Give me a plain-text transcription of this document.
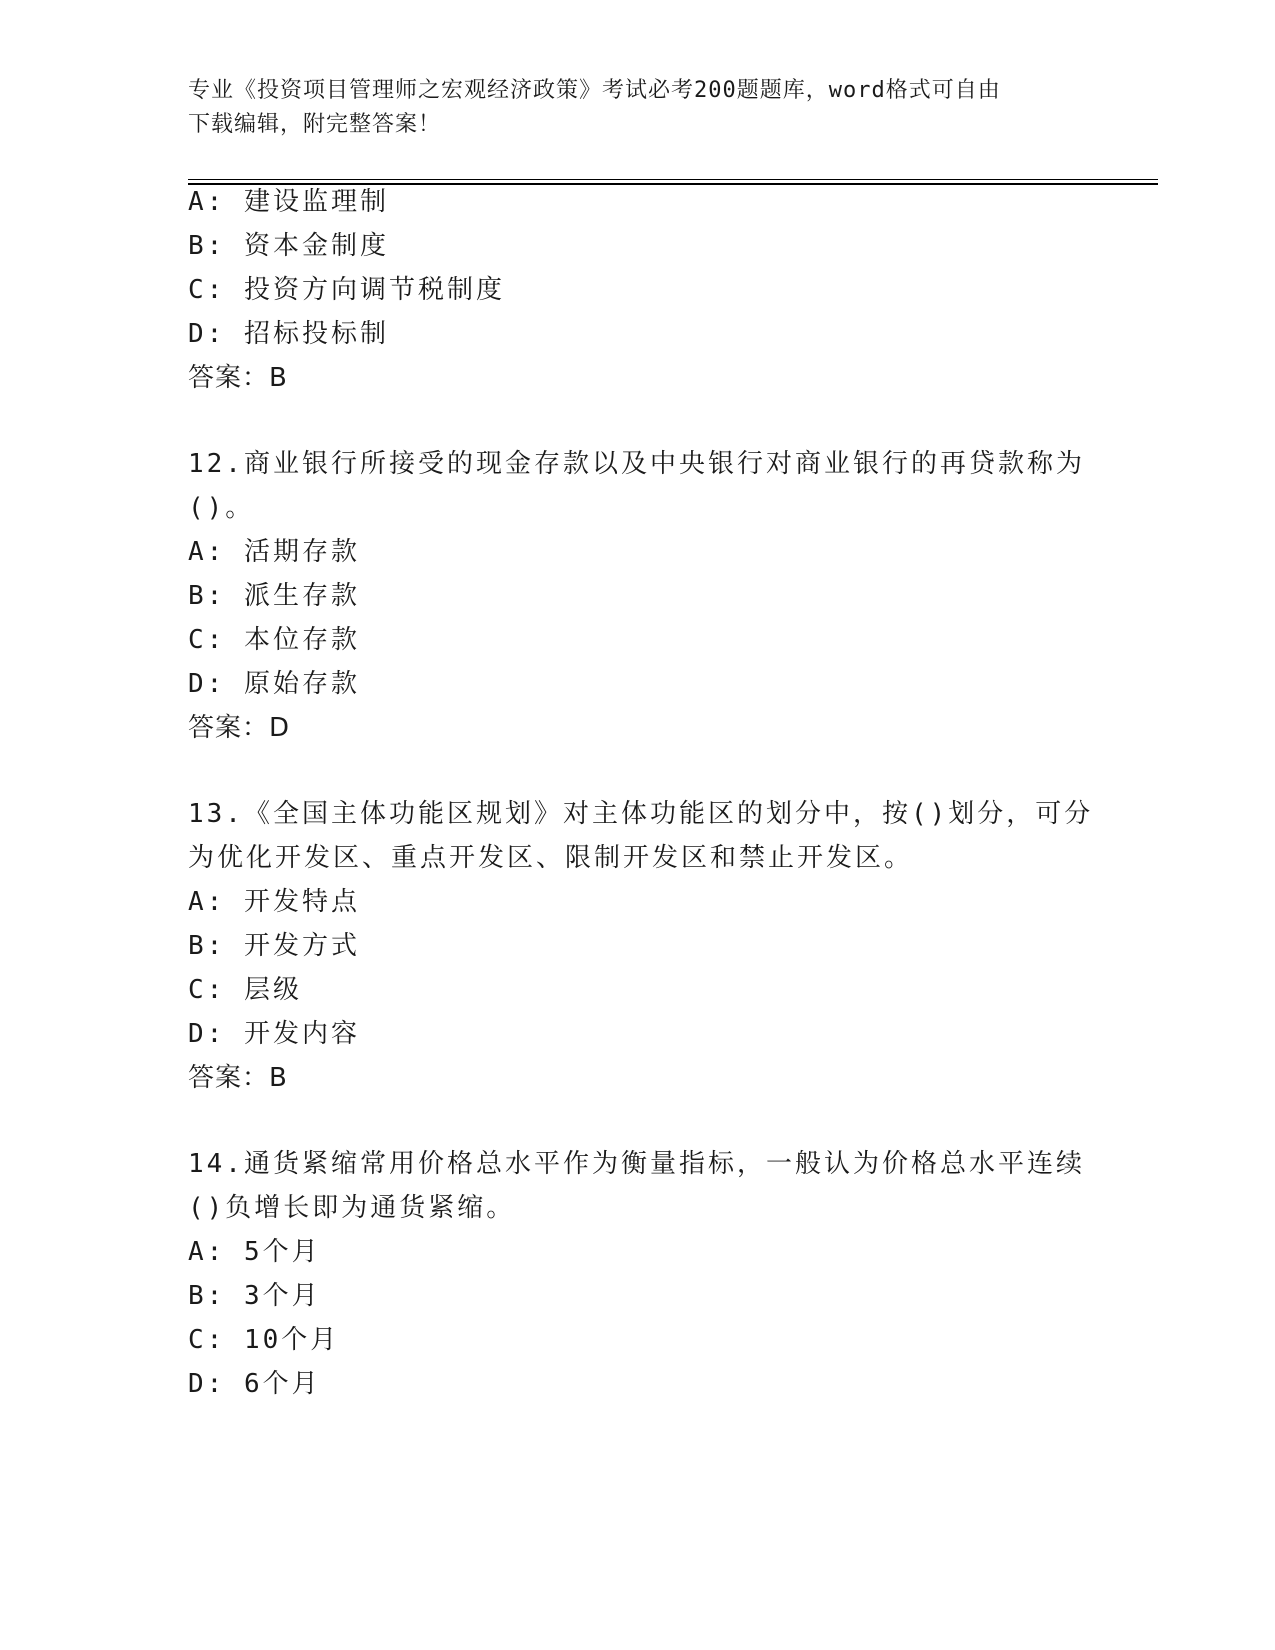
专业《投资项目管理师之宏观经济政策》考试必考200题题库，word格式可自由
下载编辑，附完整答案！
A: 建设监理制
B: 资本金制度
C: 投资方向调节税制度
D: 招标投标制
答案：B
12.商业银行所接受的现金存款以及中央银行对商业银行的再贷款称为
()。
A: 活期存款
B: 派生存款
C: 本位存款
D: 原始存款
答案：D
13.《全国主体功能区规划》对主体功能区的划分中，按()划分，可分
为优化开发区、重点开发区、限制开发区和禁止开发区。
A: 开发特点
B: 开发方式
C: 层级
D: 开发内容
答案：B
14.通货紧缩常用价格总水平作为衡量指标，一般认为价格总水平连续
()负增长即为通货紧缩。
A: 5个月
B: 3个月
C: 10个月
D: 6个月
